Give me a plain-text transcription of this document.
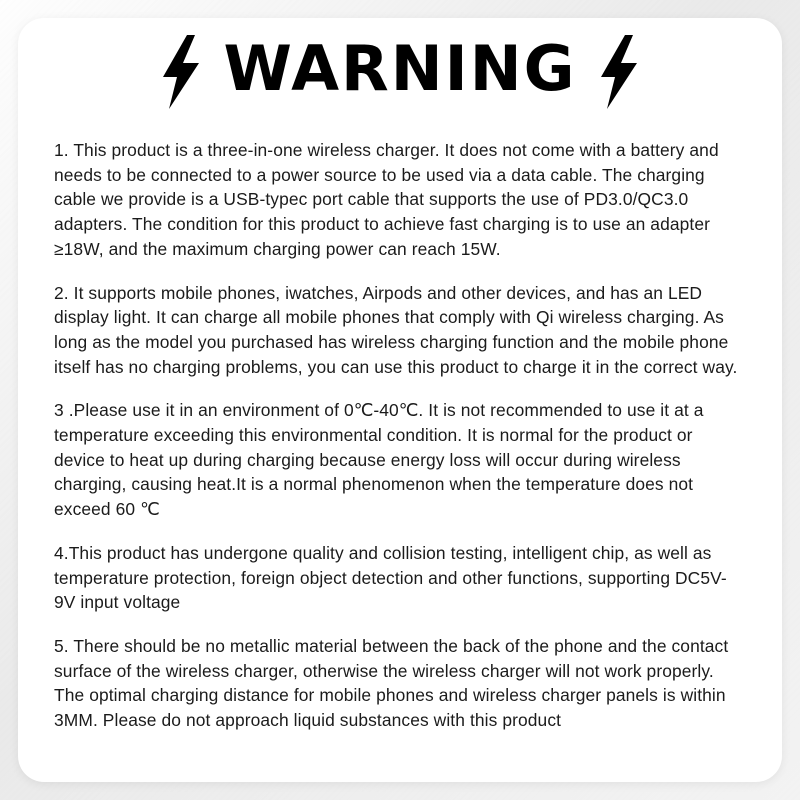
WARNING

1. This product is a three-in-one wireless charger. It does not come with a battery and needs to be connected to a power source to be used via a data cable. The charging cable we provide is a USB-typec port cable that supports the use of PD3.0/QC3.0 adapters. The condition for this product to achieve fast charging is to use an adapter ≥18W, and the maximum charging power can reach 15W.

2. It supports mobile phones, iwatches, Airpods and other devices, and has an LED display light. It can charge all mobile phones that comply with Qi wireless charging. As long as the model you purchased has wireless charging function and the mobile phone itself has no charging problems, you can use this product to charge it in the correct way.

3 .Please use it in an environment of 0℃-40℃. It is not recommended to use it at a temperature exceeding this environmental condition. It is normal for the product or device to heat up during charging because energy loss will occur during wireless charging, causing heat.It is a normal phenomenon when the temperature does not exceed 60 ℃

4.This product has undergone quality and collision testing, intelligent chip, as well as temperature protection, foreign object detection and other functions, supporting DC5V-9V input voltage

5. There should be no metallic material between the back of the phone and the contact surface of the wireless charger, otherwise the wireless charger will not work properly. The optimal charging distance for mobile phones and wireless charger panels is within 3MM. Please do not approach liquid substances with this product
